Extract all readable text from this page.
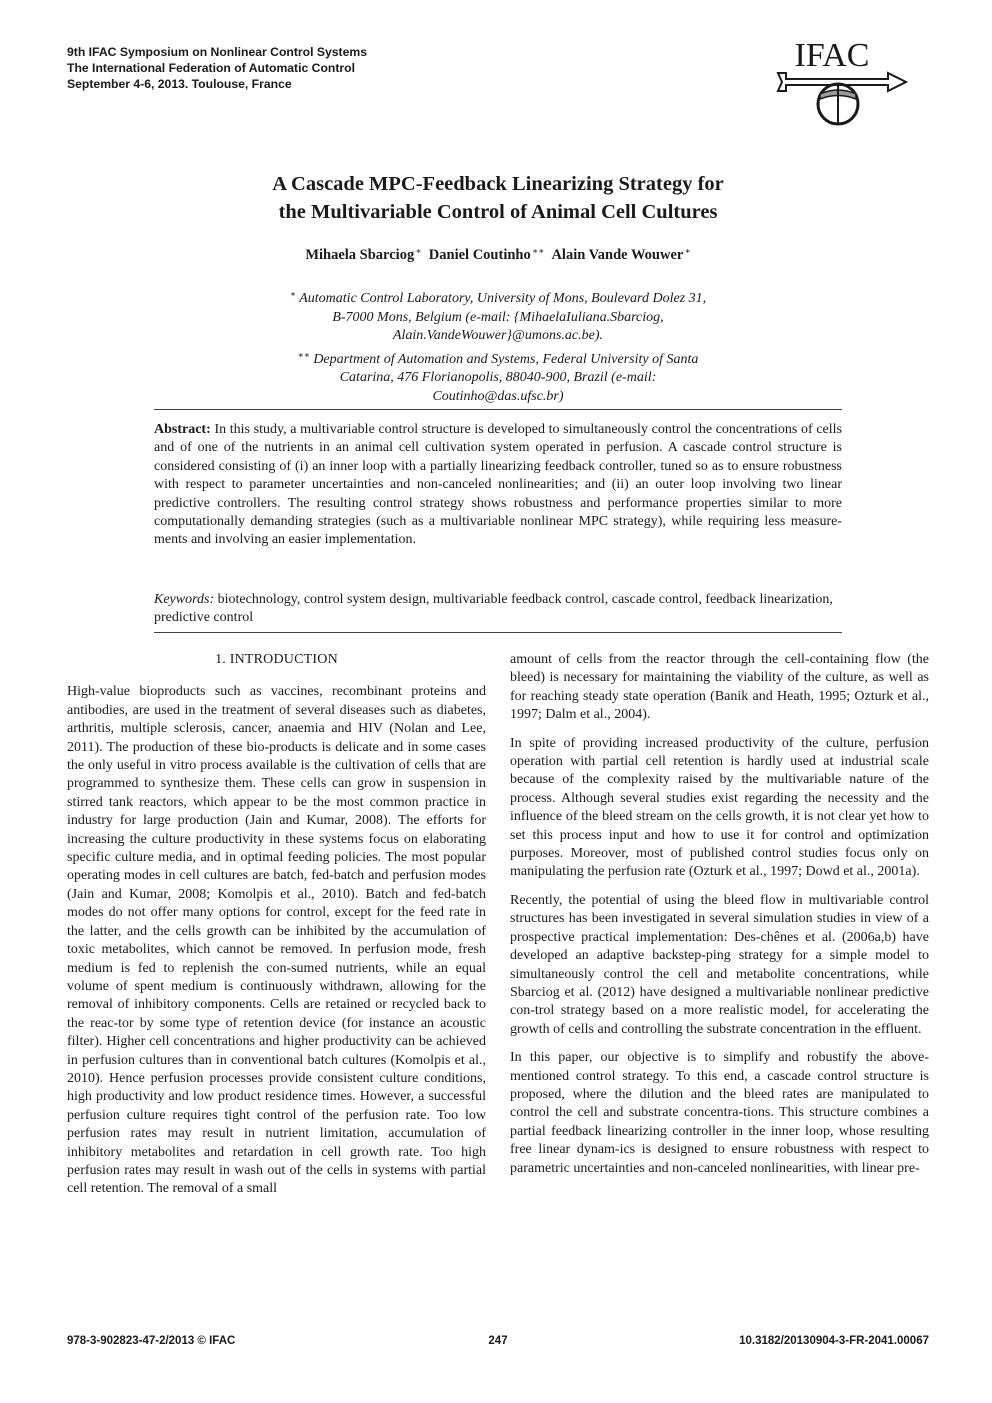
9th IFAC Symposium on Nonlinear Control Systems
The International Federation of Automatic Control
September 4-6, 2013. Toulouse, France
IFAC
A Cascade MPC-Feedback Linearizing Strategy for
the Multivariable Control of Animal Cell Cultures
Mihaela Sbarciog ∗ Daniel Coutinho ∗∗ Alain Vande Wouwer ∗
∗ Automatic Control Laboratory, University of Mons, Boulevard Dolez 31,
B-7000 Mons, Belgium (e-mail: {MihaelaIuliana.Sbarciog,
Alain.VandeWouwer}@umons.ac.be).
∗∗ Department of Automation and Systems, Federal University of Santa
Catarina, 476 Florianopolis, 88040-900, Brazil (e-mail:
Coutinho@das.ufsc.br)
Abstract: In this study, a multivariable control structure is developed to simultaneously control the concentrations of cells and of one of the nutrients in an animal cell cultivation system operated in perfusion. A cascade control structure is considered consisting of (i) an inner loop with a partially linearizing feedback controller, tuned so as to ensure robustness with respect to parameter uncertainties and non-canceled nonlinearities; and (ii) an outer loop involving two linear predictive controllers. The resulting control strategy shows robustness and performance properties similar to more computationally demanding strategies (such as a multivariable nonlinear MPC strategy), while requiring less measure-ments and involving an easier implementation.
Keywords: biotechnology, control system design, multivariable feedback control, cascade control, feedback linearization, predictive control
1. INTRODUCTION

High-value bioproducts such as vaccines, recombinant proteins and antibodies, are used in the treatment of several diseases such as diabetes, arthritis, multiple sclerosis, cancer, anaemia and HIV (Nolan and Lee, 2011). The production of these bio-products is delicate and in some cases the only useful in vitro process available is the cultivation of cells that are programmed to synthesize them. These cells can grow in suspension in stirred tank reactors, which appear to be the most common practice in industry for large production (Jain and Kumar, 2008). The efforts for increasing the culture productivity in these systems focus on elaborating specific culture media, and in optimal feeding policies. The most popular operating modes in cell cultures are batch, fed-batch and perfusion modes (Jain and Kumar, 2008; Komolpis et al., 2010). Batch and fed-batch modes do not offer many options for control, except for the feed rate in the latter, and the cells growth can be inhibited by the accumulation of toxic metabolites, which cannot be removed. In perfusion mode, fresh medium is fed to replenish the con-sumed nutrients, while an equal volume of spent medium is continuously withdrawn, allowing for the removal of inhibitory components. Cells are retained or recycled back to the reac-tor by some type of retention device (for instance an acoustic filter). Higher cell concentrations and higher productivity can be achieved in perfusion cultures than in conventional batch cultures (Komolpis et al., 2010). Hence perfusion processes provide consistent culture conditions, high productivity and low product residence times. However, a successful perfusion culture requires tight control of the perfusion rate. Too low perfusion rates may result in nutrient limitation, accumulation of inhibitory metabolites and retardation in cell growth rate. Too high perfusion rates may result in wash out of the cells in systems with partial cell retention. The removal of a small

amount of cells from the reactor through the cell-containing flow (the bleed) is necessary for maintaining the viability of the culture, as well as for reaching steady state operation (Banik and Heath, 1995; Ozturk et al., 1997; Dalm et al., 2004).

In spite of providing increased productivity of the culture, perfusion operation with partial cell retention is hardly used at industrial scale because of the complexity raised by the multivariable nature of the process. Although several studies exist regarding the necessity and the influence of the bleed stream on the cells growth, it is not clear yet how to set this process input and how to use it for control and optimization purposes. Moreover, most of published control studies focus only on manipulating the perfusion rate (Ozturk et al., 1997; Dowd et al., 2001a).

Recently, the potential of using the bleed flow in multivariable control structures has been investigated in several simulation studies in view of a prospective practical implementation: Des-chênes et al. (2006a,b) have developed an adaptive backstep-ping strategy for a simple model to simultaneously control the cell and metabolite concentrations, while Sbarciog et al. (2012) have designed a multivariable nonlinear predictive con-trol strategy based on a more realistic model, for accelerating the growth of cells and controlling the substrate concentration in the effluent.

In this paper, our objective is to simplify and robustify the above-mentioned control strategy. To this end, a cascade control structure is proposed, where the dilution and the bleed rates are manipulated to control the cell and substrate concentra-tions. This structure combines a partial feedback linearizing controller in the inner loop, whose resulting free linear dynam-ics is designed to ensure robustness with respect to parametric uncertainties and non-canceled nonlinearities, with linear pre-

978-3-902823-47-2/2013 © IFAC	247	10.3182/20130904-3-FR-2041.00067
